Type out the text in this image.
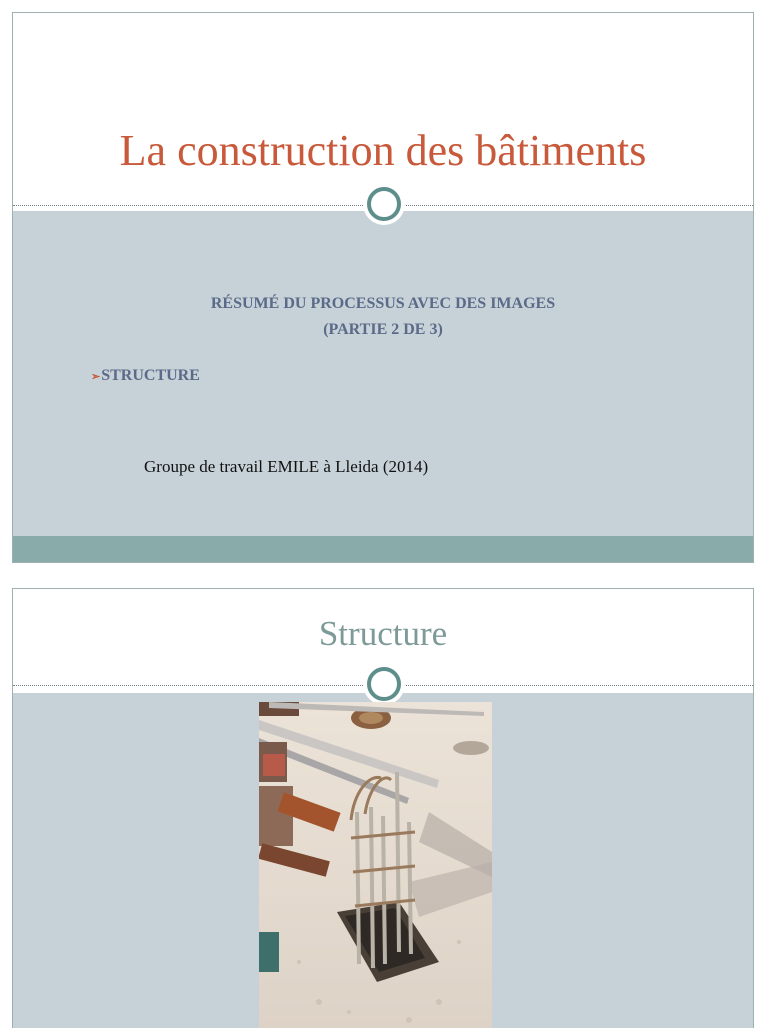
La construction des bâtiments
RÉSUMÉ DU PROCESSUS AVEC DES IMAGES
(PARTIE 2 DE 3)
➢STRUCTURE
Groupe de travail EMILE à Lleida (2014)
Structure
